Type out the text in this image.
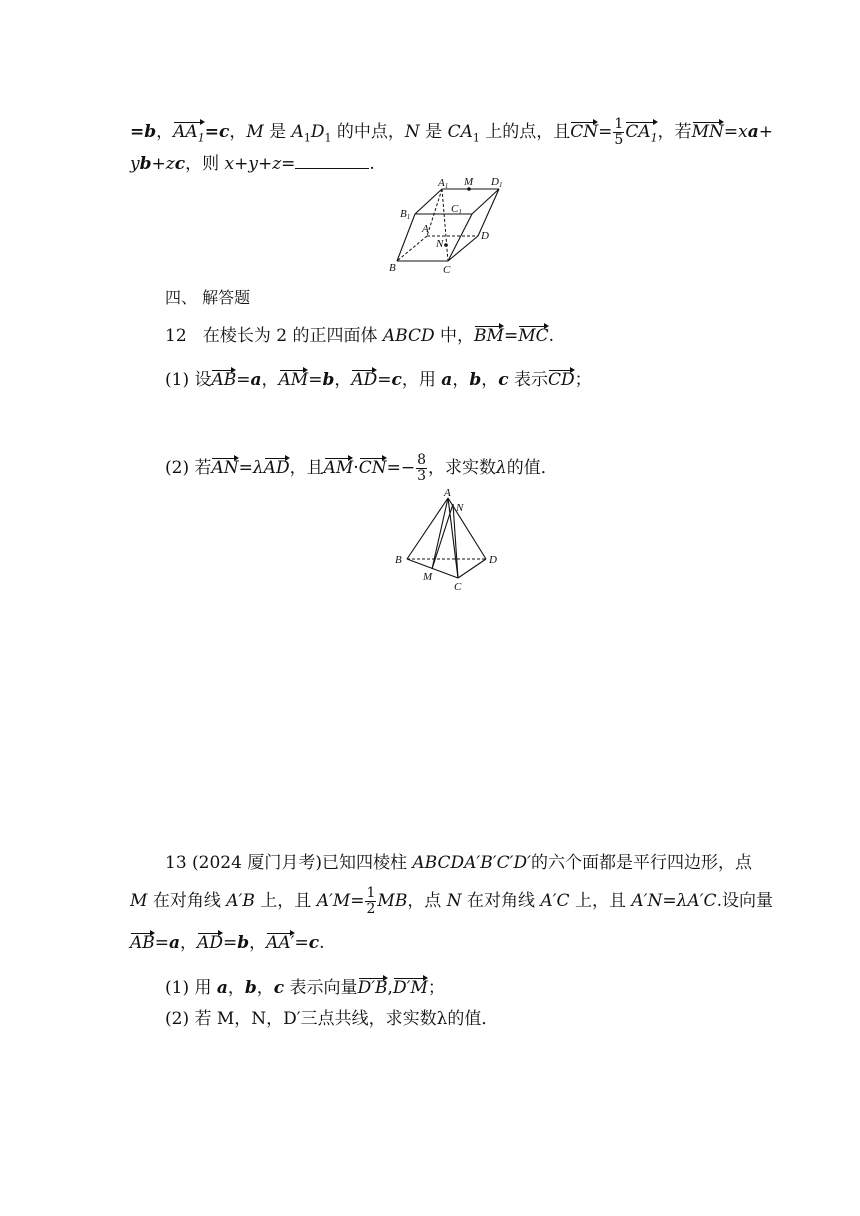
=b，$AA_1=c$，M 是 $A_1D_1$ 的中点，N 是 $CA_1$ 上的点，且$CN= \frac{1}{5} CA_1$，若MN=xa+
yb+zc，则 x+y+z=	.
A1 M D1
B1
C1
A
D
N
B	C
四、 解答题
12   在棱长为 2 的正四面体 ABCD 中，BM=MC.
(1) 设AB=a，AM=b，AD=c，用 a，b，c 表示CD；
(2) 若AN=λAD，且$AM\cdot CN=- \frac{8}{3}$ ，求实数λ的值．
A
N
B	D
M
C
13 (2024 厦门月考)已知四棱柱 ABCDA′B′C′D′的六个面都是平行四边形，点
M 在对角线 A′B 上，且 $A'M= \frac{1}{2}$ MB，点 N 在对角线 A′C 上，且 A′N=λA′C.设向量
AB=a，AD=b，AA′=c.
(1) 用 a，b，c 表示向量D′B,D′M；
(2) 若 M，N，D′三点共线，求实数λ的值．
